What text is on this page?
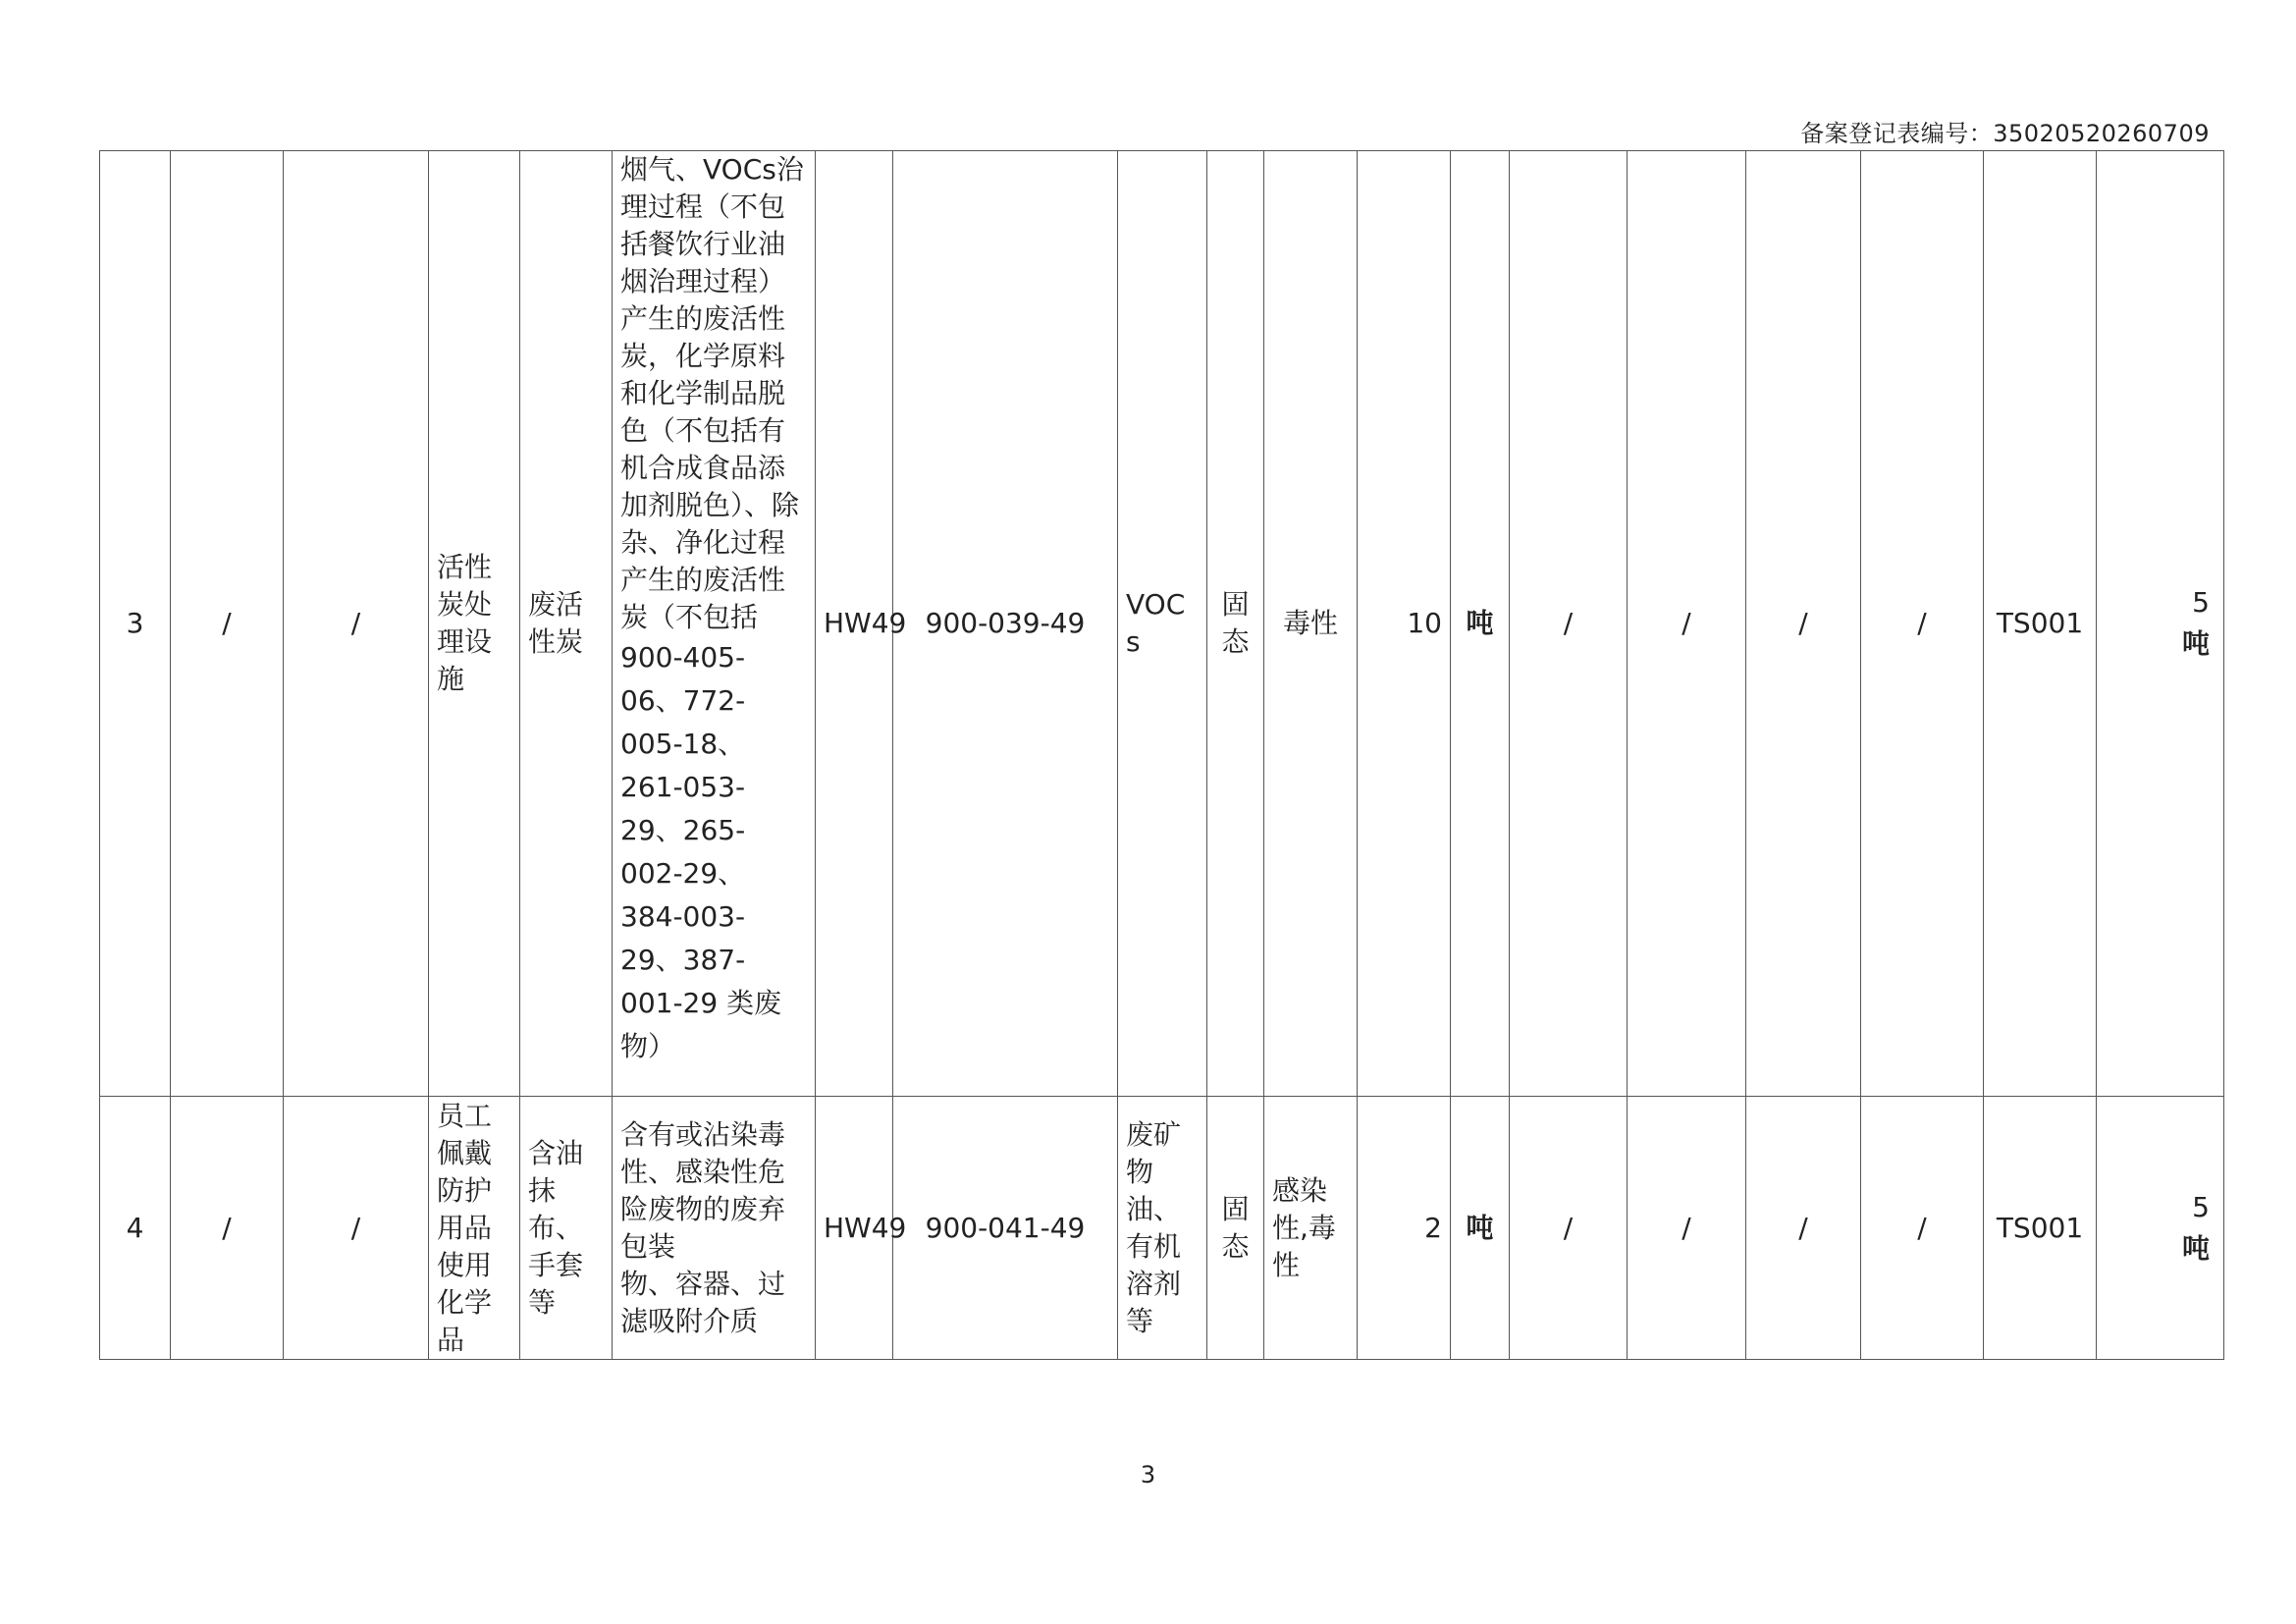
备案登记表编号：35020520260709
3	/	/	活性炭处理设施	废活性炭	烟气、VOCs治理过程（不包括餐饮行业油烟治理过程）产生的废活性炭，化学原料和化学制品脱色（不包括有机合成食品添加剂脱色）、除杂、净化过程产生的废活性炭（不包括
900-405-06、772-005-18、261-053-29、265-002-29、384-003-29、387-001-29 类废物）	HW49	900-039-49	VOCs	固态	毒性	10	吨	/	/	/	/	TS001	5
吨
4	/	/	员工佩戴防护用品使用化学品	含油抹布、手套等	含有或沾染毒性、感染性危险废物的废弃包装
物、容器、过滤吸附介质	HW49	900-041-49	废矿物油、有机溶剂等	固态	感染性,毒性	2	吨	/	/	/	/	TS001	5
吨
3
